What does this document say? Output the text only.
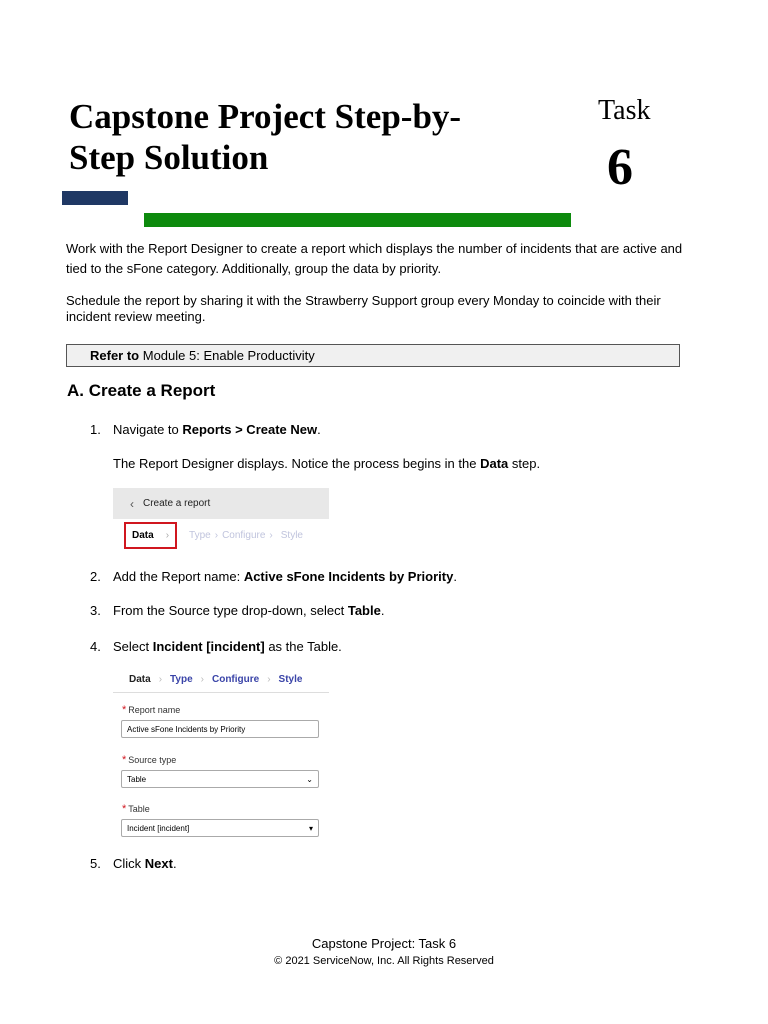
Capstone Project Step-by-Step Solution
Task
6

Work with the Report Designer to create a report which displays the number of incidents that are active and tied to the sFone category. Additionally, group the data by priority.

Schedule the report by sharing it with the Strawberry Support group every Monday to coincide with their incident review meeting.

Refer to Module 5: Enable Productivity
A. Create a Report
1. Navigate to Reports > Create New.
The Report Designer displays. Notice the process begins in the Data step.
‹ Create a report
Data ›	Type › Configure › Style
2. Add the Report name: Active sFone Incidents by Priority.
3. From the Source type drop-down, select Table.
4. Select Incident [incident] as the Table.
Data › Type › Configure › Style
* Report name
Active sFone Incidents by Priority
* Source type
Table	⌄
* Table
Incident [incident]	▾
5. Click Next.
Capstone Project: Task 6
© 2021 ServiceNow, Inc. All Rights Reserved
